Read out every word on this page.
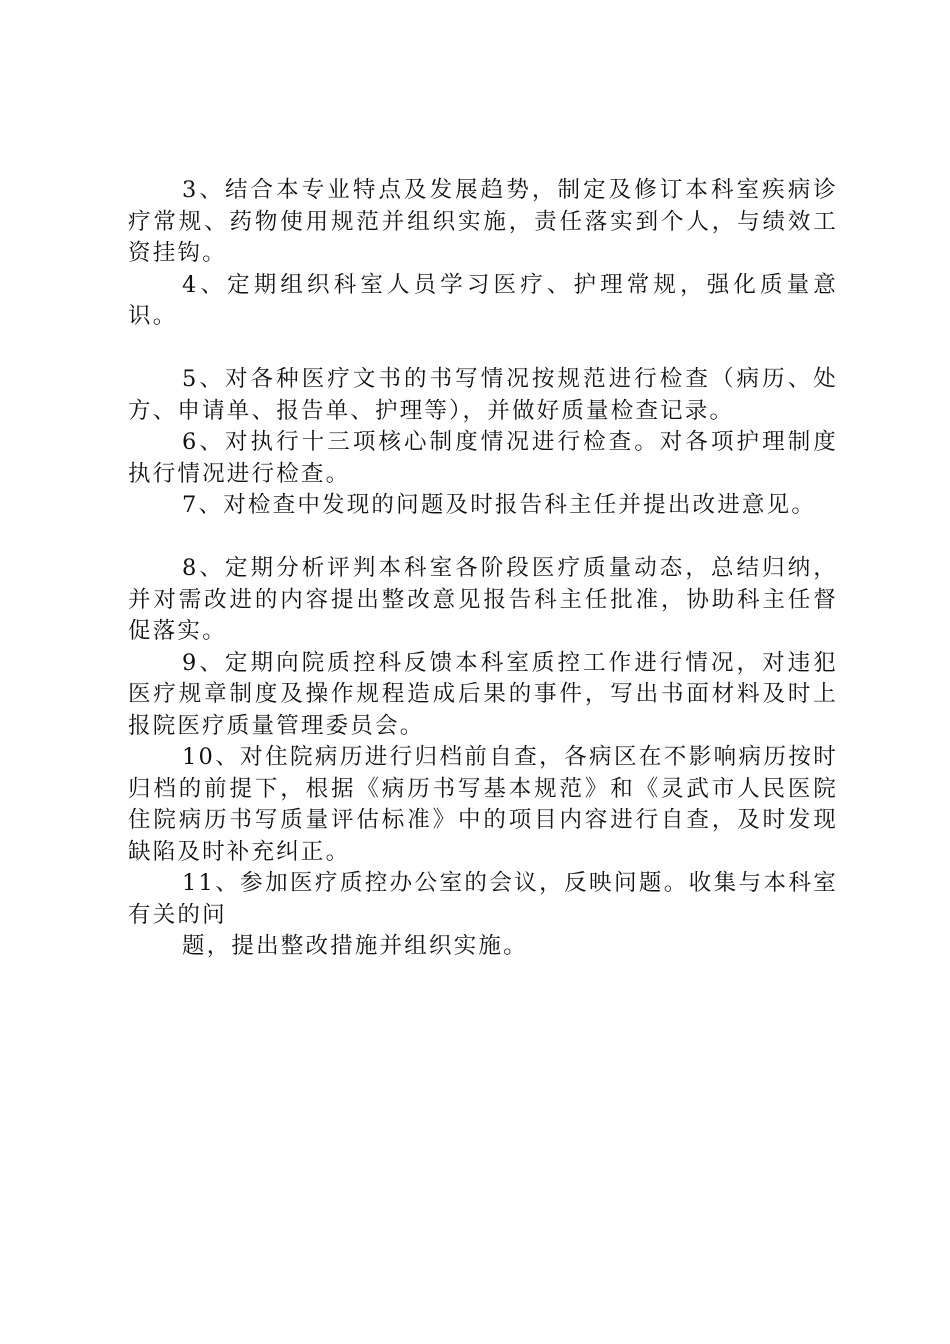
3、结合本专业特点及发展趋势，制定及修订本科室疾病诊疗常规、药物使用规范并组织实施，责任落实到个人，与绩效工资挂钩。

4、定期组织科室人员学习医疗、护理常规，强化质量意识。

5、对各种医疗文书的书写情况按规范进行检查（病历、处方、申请单、报告单、护理等），并做好质量检查记录。

6、对执行十三项核心制度情况进行检查。对各项护理制度执行情况进行检查。

7、对检查中发现的问题及时报告科主任并提出改进意见。

8、定期分析评判本科室各阶段医疗质量动态，总结归纳，并对需改进的内容提出整改意见报告科主任批准，协助科主任督促落实。

9、定期向院质控科反馈本科室质控工作进行情况，对违犯医疗规章制度及操作规程造成后果的事件，写出书面材料及时上报院医疗质量管理委员会。

10、对住院病历进行归档前自查，各病区在不影响病历按时归档的前提下，根据《病历书写基本规范》和《灵武市人民医院住院病历书写质量评估标准》中的项目内容进行自查，及时发现缺陷及时补充纠正。

11、参加医疗质控办公室的会议，反映问题。收集与本科室有关的问

题，提出整改措施并组织实施。
